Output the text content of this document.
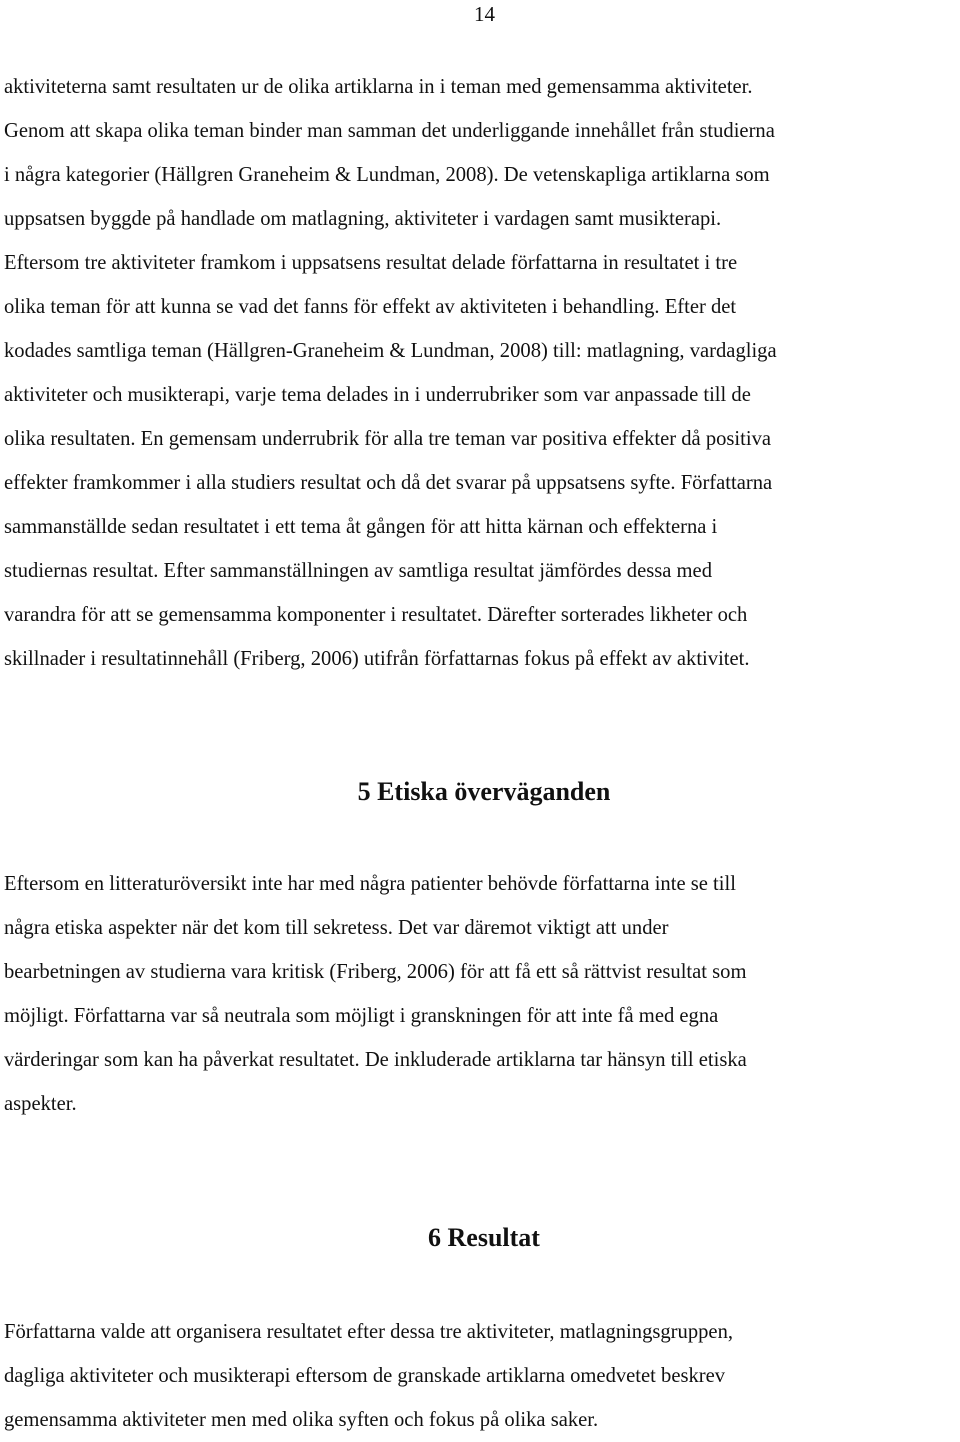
14

aktiviteterna samt resultaten ur de olika artiklarna in i teman med gemensamma aktiviteter.
Genom att skapa olika teman binder man samman det underliggande innehållet från studierna
i några kategorier (Hällgren Graneheim & Lundman, 2008). De vetenskapliga artiklarna som
uppsatsen byggde på handlade om matlagning, aktiviteter i vardagen samt musikterapi.
Eftersom tre aktiviteter framkom i uppsatsens resultat delade författarna in resultatet i tre
olika teman för att kunna se vad det fanns för effekt av aktiviteten i behandling. Efter det
kodades samtliga teman (Hällgren-Graneheim & Lundman, 2008) till: matlagning, vardagliga
aktiviteter och musikterapi, varje tema delades in i underrubriker som var anpassade till de
olika resultaten. En gemensam underrubrik för alla tre teman var positiva effekter då positiva
effekter framkommer i alla studiers resultat och då det svarar på uppsatsens syfte. Författarna
sammanställde sedan resultatet i ett tema åt gången för att hitta kärnan och effekterna i
studiernas resultat. Efter sammanställningen av samtliga resultat jämfördes dessa med
varandra för att se gemensamma komponenter i resultatet. Därefter sorterades likheter och
skillnader i resultatinnehåll (Friberg, 2006) utifrån författarnas fokus på effekt av aktivitet.

5 Etiska överväganden

Eftersom en litteraturöversikt inte har med några patienter behövde författarna inte se till
några etiska aspekter när det kom till sekretess. Det var däremot viktigt att under
bearbetningen av studierna vara kritisk (Friberg, 2006) för att få ett så rättvist resultat som
möjligt. Författarna var så neutrala som möjligt i granskningen för att inte få med egna
värderingar som kan ha påverkat resultatet. De inkluderade artiklarna tar hänsyn till etiska
aspekter.

6 Resultat

Författarna valde att organisera resultatet efter dessa tre aktiviteter, matlagningsgruppen,
dagliga aktiviteter och musikterapi eftersom de granskade artiklarna omedvetet beskrev
gemensamma aktiviteter men med olika syften och fokus på olika saker.
